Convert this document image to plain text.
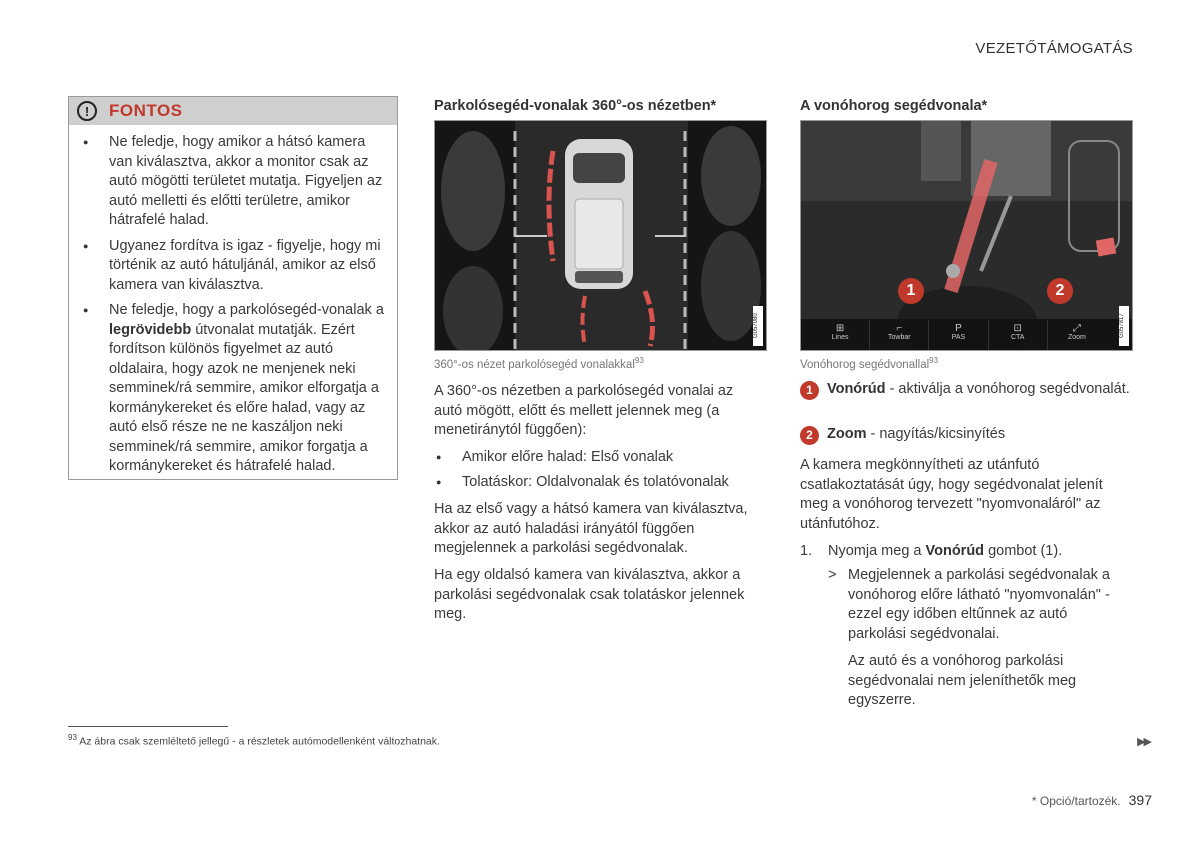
VEZETŐTÁMOGATÁS
!	FONTOS
● Ne feledje, hogy amikor a hátsó kamera van kiválasztva, akkor a monitor csak az autó mögötti területet mutatja. Figyeljen az autó melletti és előtti területre, amikor hátrafelé halad.
● Ugyanez fordítva is igaz - figyelje, hogy mi történik az autó hátuljánál, amikor az első kamera van kiválasztva.
● Ne feledje, hogy a parkolósegéd-vonalak a legrövidebb útvonalat mutatják. Ezért fordítson különös figyelmet az autó oldalaira, hogy azok ne menjenek neki semminek/rá semmire, amikor elforgatja a kormánykereket és előre halad, vagy az autó első része ne ne kaszáljon neki semminek/rá semmire, amikor forgatja a kormánykereket és hátrafelé halad.
Parkolósegéd-vonalak 360°-os nézetben*
G057080
360°-os nézet parkolósegéd vonalakkal$^{93}$
A 360°-os nézetben a parkolósegéd vonalai az autó mögött, előtt és mellett jelennek meg (a menetiránytól függően):
● Amikor előre halad: Első vonalak
● Tolatáskor: Oldalvonalak és tolatóvonalak
Ha az első vagy a hátsó kamera van kiválasztva, akkor az autó haladási irányától függően megjelennek a parkolási segédvonalak.
Ha egy oldalsó kamera van kiválasztva, akkor a parkolási segédvonalak csak tolatáskor jelennek meg.
A vonóhorog segédvonala*
1	2
⊞
Lines
⌐
Towbar
P
PAS
⊡
CTA
⤢
Zoom	G057817
Vonóhorog segédvonallal$^{93}$
1 Vonórúd - aktiválja a vonóhorog segédvonalát.
2 Zoom - nagyítás/kicsinyítés
A kamera megkönnyítheti az utánfutó csatlakoztatását úgy, hogy segédvonalat jelenít meg a vonóhorog tervezett "nyomvonaláról" az utánfutóhoz.
1. Nyomja meg a Vonórúd gombot (1).
> Megjelennek a parkolási segédvonalak a vonóhorog előre látható "nyomvonalán" - ezzel egy időben eltűnnek az autó parkolási segédvonalai.
Az autó és a vonóhorog parkolási segédvonalai nem jeleníthetők meg egyszerre.
$^{93}$ Az ábra csak szemléltető jellegű - a részletek autómodellenként változhatnak.	▶▶
* Opció/tartozék. 397
